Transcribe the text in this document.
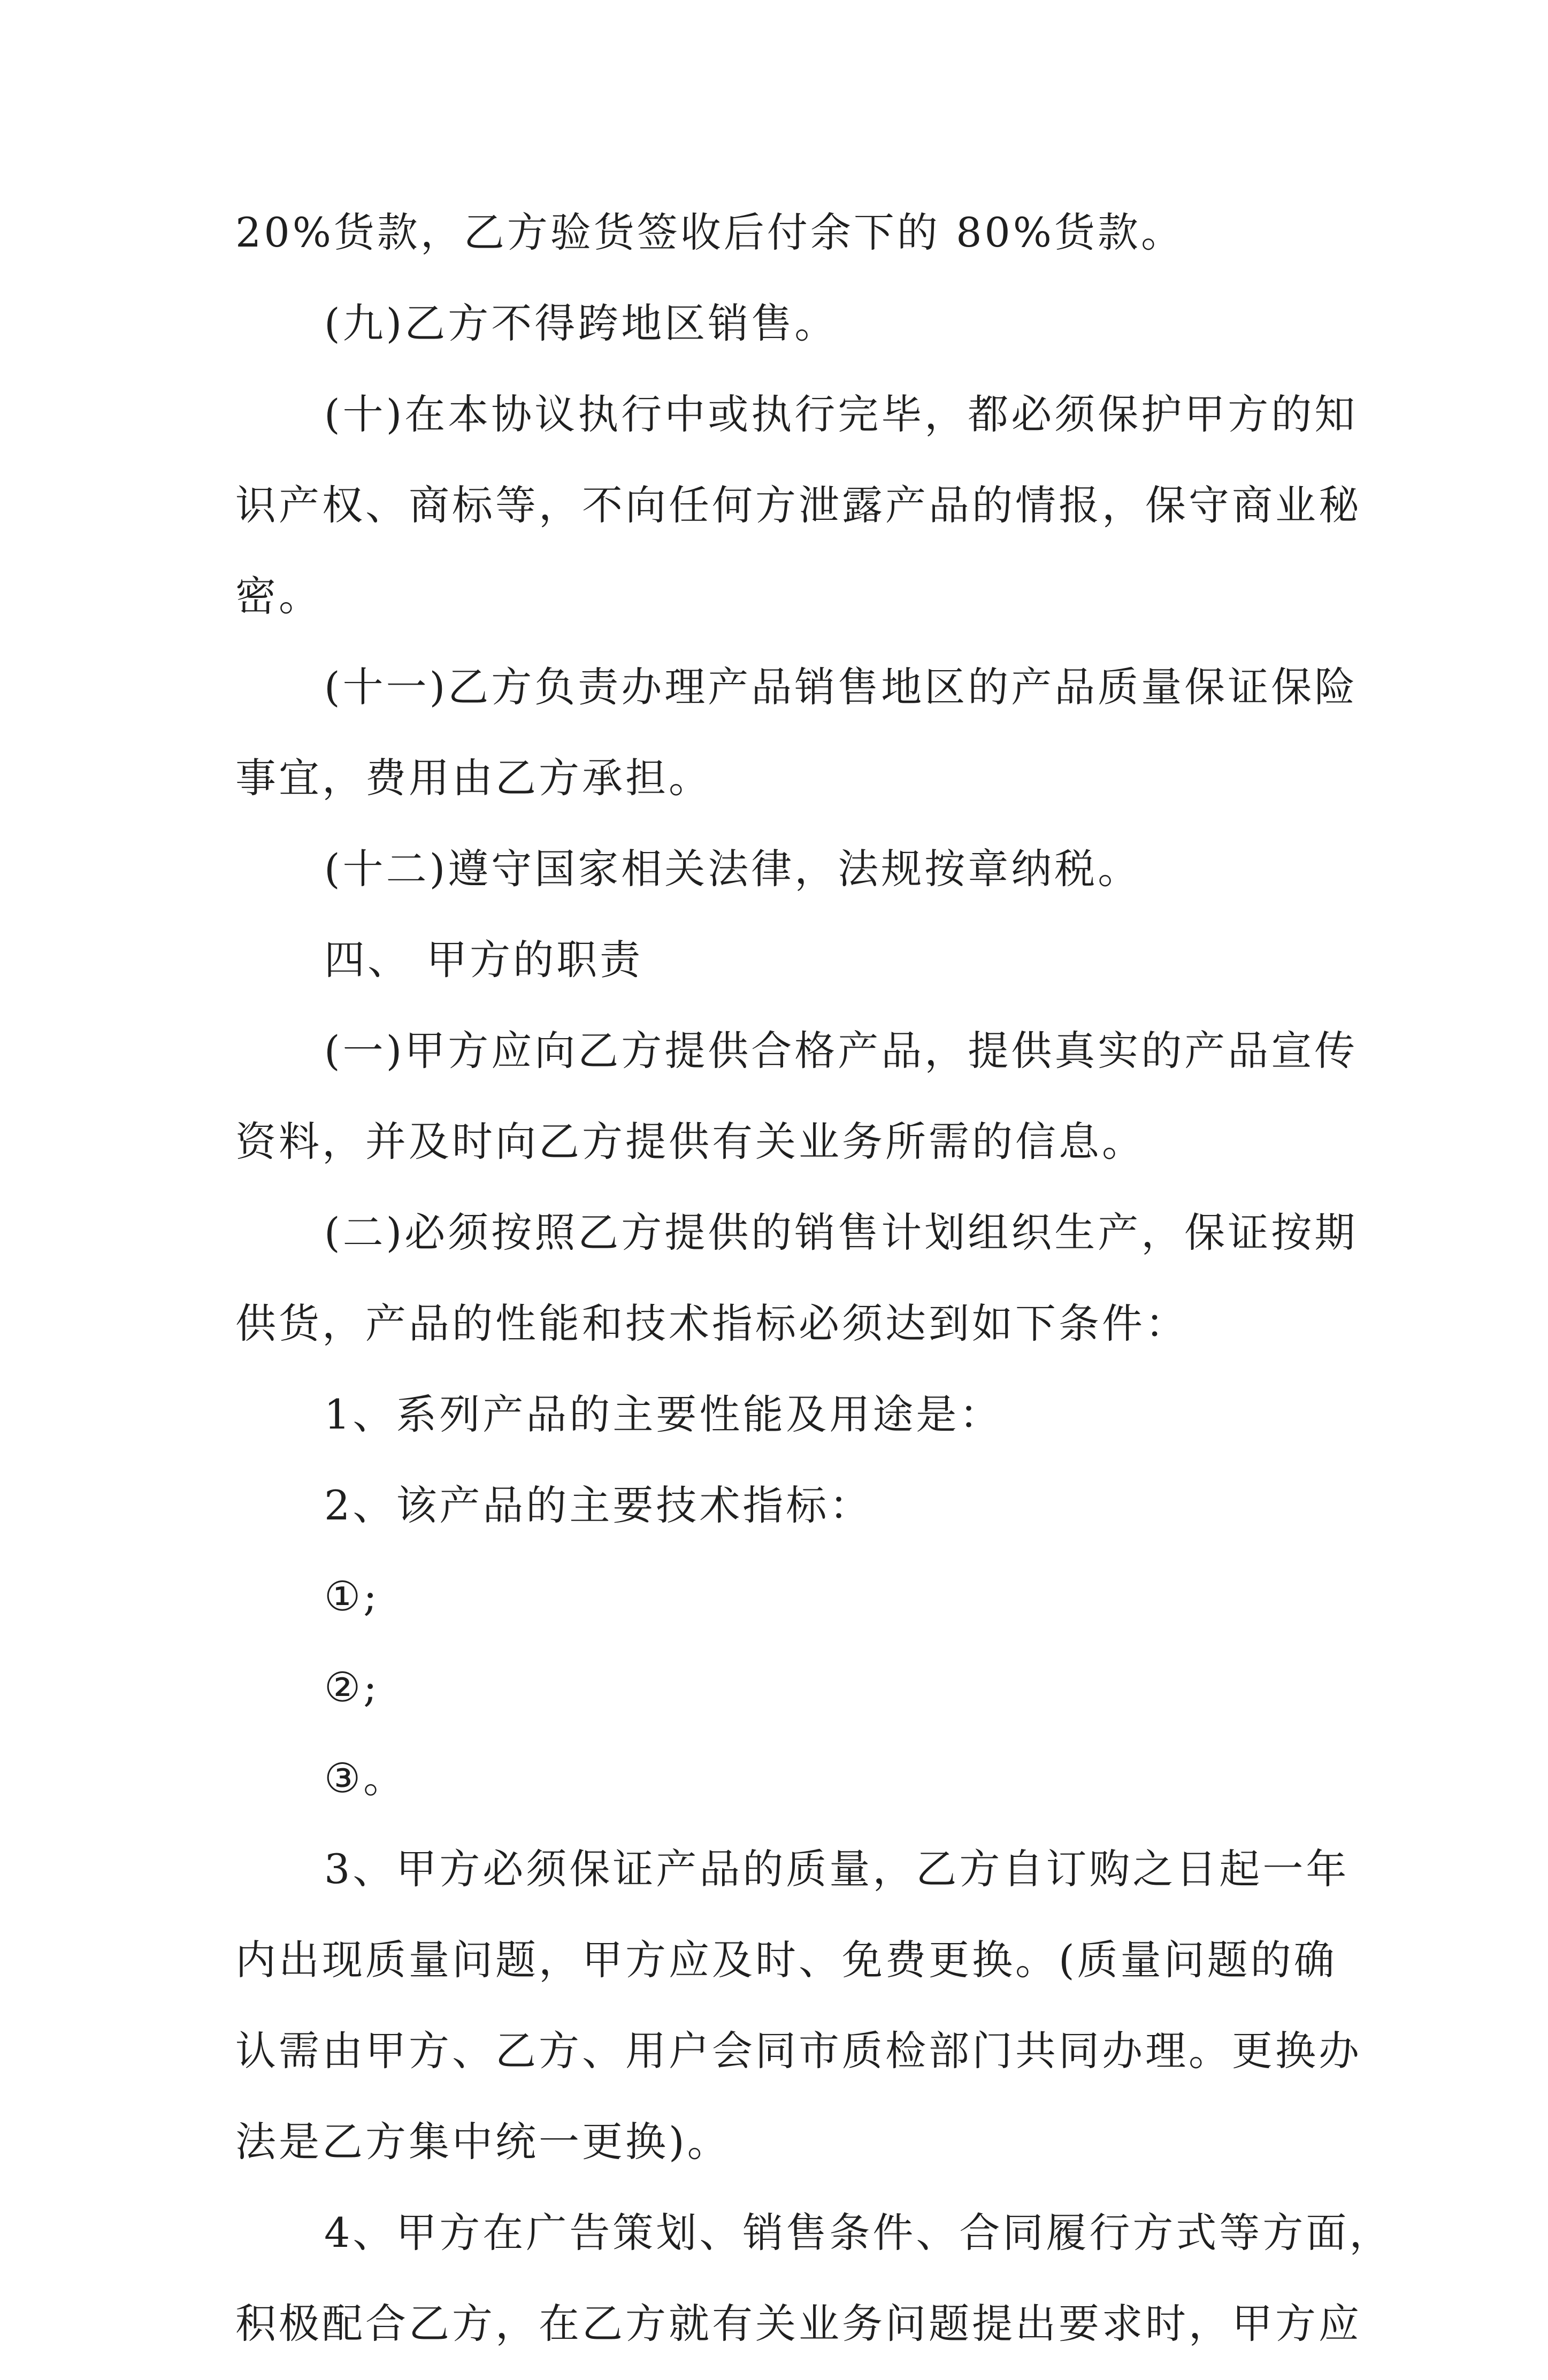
20%货款，乙方验货签收后付余下的 80%货款。
(九)乙方不得跨地区销售。
(十)在本协议执行中或执行完毕，都必须保护甲方的知
识产权、商标等，不向任何方泄露产品的情报，保守商业秘
密。
(十一)乙方负责办理产品销售地区的产品质量保证保险
事宜，费用由乙方承担。
(十二)遵守国家相关法律，法规按章纳税。
四、 甲方的职责
(一)甲方应向乙方提供合格产品，提供真实的产品宣传
资料，并及时向乙方提供有关业务所需的信息。
(二)必须按照乙方提供的销售计划组织生产，保证按期
供货，产品的性能和技术指标必须达到如下条件：
1、系列产品的主要性能及用途是：
2、该产品的主要技术指标：
①;
②;
③。
3、甲方必须保证产品的质量，乙方自订购之日起一年
内出现质量问题，甲方应及时、免费更换。(质量问题的确
认需由甲方、乙方、用户会同市质检部门共同办理。更换办
法是乙方集中统一更换)。
4、甲方在广告策划、销售条件、合同履行方式等方面，
积极配合乙方，在乙方就有关业务问题提出要求时，甲方应
